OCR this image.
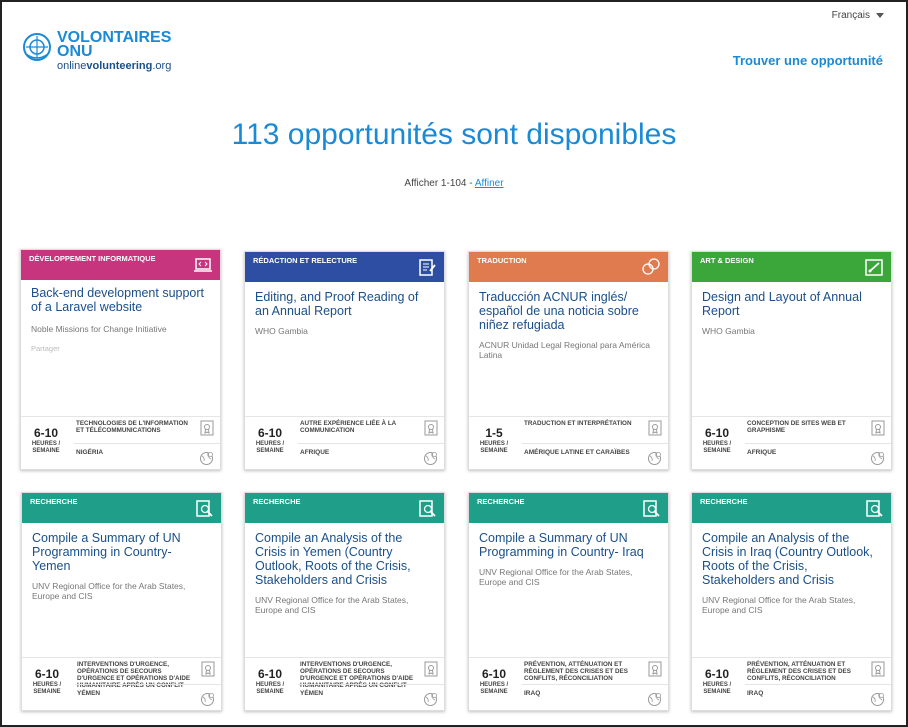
Français
VOLONTAIRES
ONU
onlinevolunteering.org	Trouver une opportunité
113 opportunités sont disponibles
Afficher 1-104 - Affiner
DÉVELOPPEMENT INFORMATIQUE
Back-end development support of a Laravel website
Noble Missions for Change Initiative
Partager
6-10
HEURES / SEMAINE
TECHNOLOGIES DE L'INFORMATION ET TÉLÉCOMMUNICATIONS
NIGÉRIA
RÉDACTION ET RELECTURE
Editing, and Proof Reading of an Annual Report
WHO Gambia
6-10
HEURES / SEMAINE
AUTRE EXPÉRIENCE LIÉE À LA COMMUNICATION
AFRIQUE
TRADUCTION
Traducción ACNUR inglés/ español de una noticia sobre niñez refugiada
ACNUR Unidad Legal Regional para América Latina
1-5
HEURES / SEMAINE
TRADUCTION ET INTERPRÉTATION
AMÉRIQUE LATINE ET CARAÏBES
ART & DESIGN
Design and Layout of Annual Report
WHO Gambia
6-10
HEURES / SEMAINE
CONCEPTION DE SITES WEB ET GRAPHISME
AFRIQUE
RECHERCHE
Compile a Summary of UN Programming in Country- Yemen
UNV Regional Office for the Arab States, Europe and CIS
6-10
HEURES / SEMAINE
INTERVENTIONS D'URGENCE, OPÉRATIONS DE SECOURS D'URGENCE ET OPÉRATIONS D'AIDE HUMANITAIRE APRÈS UN CONFLIT
YÉMEN
RECHERCHE
Compile an Analysis of the Crisis in Yemen (Country Outlook, Roots of the Crisis, Stakeholders and Crisis
UNV Regional Office for the Arab States, Europe and CIS
6-10
HEURES / SEMAINE
INTERVENTIONS D'URGENCE, OPÉRATIONS DE SECOURS D'URGENCE ET OPÉRATIONS D'AIDE HUMANITAIRE APRÈS UN CONFLIT
YÉMEN
RECHERCHE
Compile a Summary of UN Programming in Country- Iraq
UNV Regional Office for the Arab States, Europe and CIS
6-10
HEURES / SEMAINE
PRÉVENTION, ATTÉNUATION ET RÈGLEMENT DES CRISES ET DES CONFLITS, RÉCONCILIATION
IRAQ
RECHERCHE
Compile an Analysis of the Crisis in Iraq (Country Outlook, Roots of the Crisis, Stakeholders and Crisis
UNV Regional Office for the Arab States, Europe and CIS
6-10
HEURES / SEMAINE
PRÉVENTION, ATTÉNUATION ET RÈGLEMENT DES CRISES ET DES CONFLITS, RÉCONCILIATION
IRAQ
